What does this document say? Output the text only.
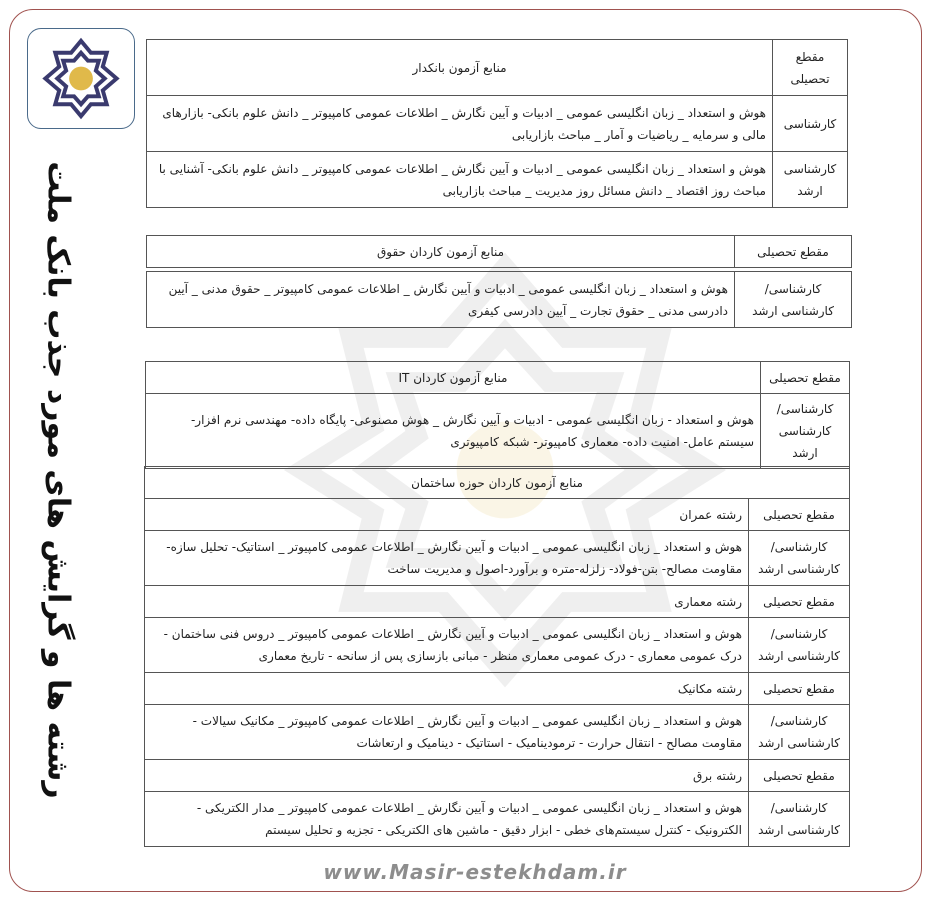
رشته ها و گرایش های مورد جذب بانک ملت
مقطع تحصیلی	منابع آزمون بانکدار
کارشناسی	هوش و استعداد _ زبان انگلیسی عمومی _ ادبیات و آیین نگارش _ اطلاعات عمومی کامپیوتر _ دانش علوم بانکی- بازارهای مالی و سرمایه _ ریاضیات و آمار _ مباحث بازاریابی
کارشناسی ارشد	هوش و استعداد _ زبان انگلیسی عمومی _ ادبیات و آیین نگارش _ اطلاعات عمومی کامپیوتر _ دانش علوم بانکی- آشنایی با مباحث روز اقتصاد _ دانش مسائل روز مدیریت _ مباحث بازاریابی
مقطع تحصیلی	منابع آزمون کاردان حقوق

کارشناسی/ کارشناسی ارشد	هوش و استعداد _ زبان انگلیسی عمومی _ ادبیات و آیین نگارش _ اطلاعات عمومی کامپیوتر _ حقوق مدنی _ آیین دادرسی مدنی _ حقوق تجارت _ آیین دادرسی کیفری
مقطع تحصیلی	منابع آزمون کاردان IT
کارشناسی/ کارشناسی ارشد	هوش و استعداد - زبان انگلیسی عمومی - ادبیات و آیین نگارش _ هوش مصنوعی- پایگاه داده- مهندسی نرم افزار- سیستم عامل- امنیت داده- معماری کامپیوتر- شبکه کامپیوتری
منابع آزمون کاردان حوزه ساختمان	
مقطع تحصیلی	رشته عمران
کارشناسی/ کارشناسی ارشد	هوش و استعداد _ زبان انگلیسی عمومی _ ادبیات و آیین نگارش _ اطلاعات عمومی کامپیوتر _ استاتیک- تحلیل سازه- مقاومت مصالح- بتن-فولاد- زلزله-متره و برآورد-اصول و مدیریت ساخت
مقطع تحصیلی	رشته معماری
کارشناسی/ کارشناسی ارشد	هوش و استعداد _ زبان انگلیسی عمومی _ ادبیات و آیین نگارش _ اطلاعات عمومی کامپیوتر _ دروس فنی ساختمان - درک عمومی معماری - درک عمومی معماری منظر - مبانی بازسازی پس از سانحه - تاریخ معماری
مقطع تحصیلی	رشته مکانیک
کارشناسی/ کارشناسی ارشد	هوش و استعداد _ زبان انگلیسی عمومی _ ادبیات و آیین نگارش _ اطلاعات عمومی کامپیوتر _ مکانیک سیالات - مقاومت مصالح - انتقال حرارت - ترمودینامیک - استاتیک - دینامیک و ارتعاشات
مقطع تحصیلی	رشته برق
کارشناسی/ کارشناسی ارشد	هوش و استعداد _ زبان انگلیسی عمومی _ ادبیات و آیین نگارش _ اطلاعات عمومی کامپیوتر _ مدار الکتریکی - الکترونیک - کنترل سیستم‌های خطی - ابزار دقیق - ماشین های الکتریکی - تجزیه و تحلیل سیستم
www.Masir-estekhdam.ir
